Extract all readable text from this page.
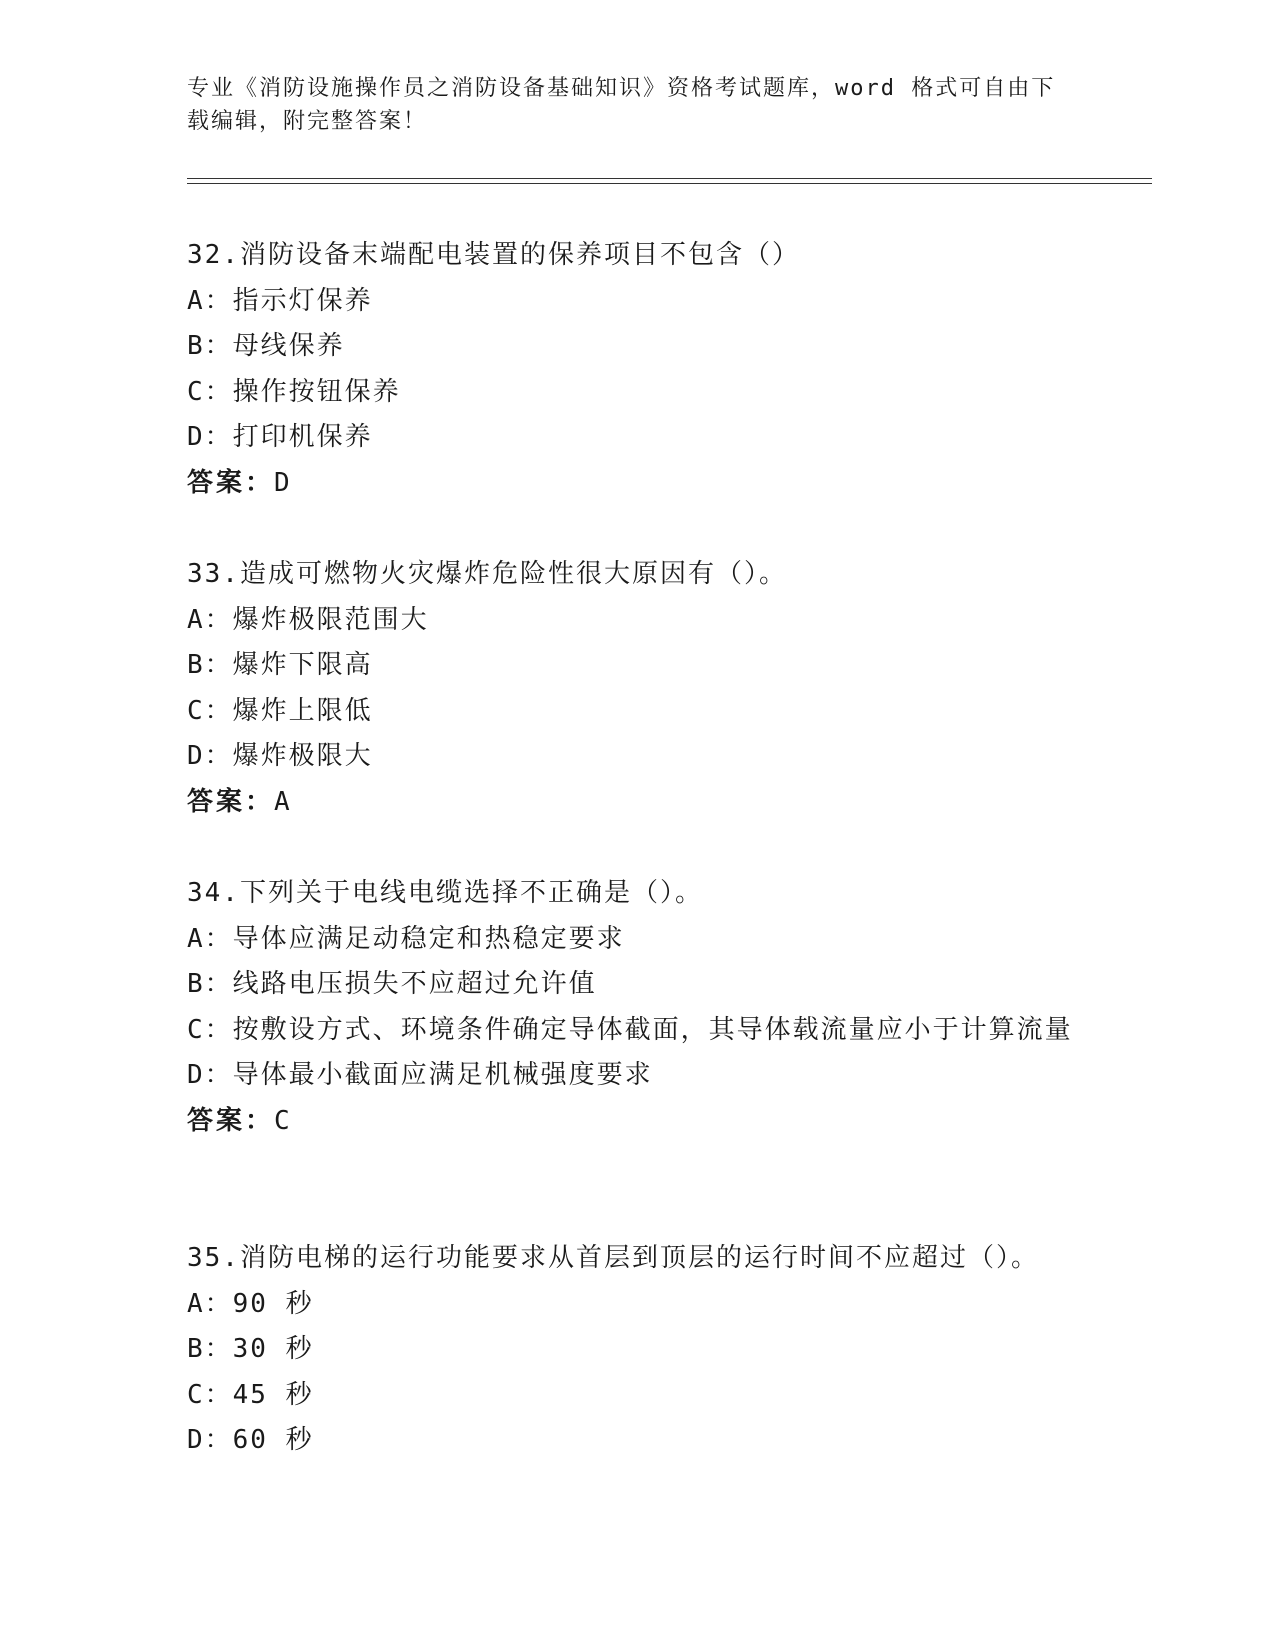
专业《消防设施操作员之消防设备基础知识》资格考试题库，word 格式可自由下载编辑，附完整答案！
32.消防设备末端配电装置的保养项目不包含（）
A：指示灯保养
B：母线保养
C：操作按钮保养
D：打印机保养
答案：D
33.造成可燃物火灾爆炸危险性很大原因有（）。
A：爆炸极限范围大
B：爆炸下限高
C：爆炸上限低
D：爆炸极限大
答案：A
34.下列关于电线电缆选择不正确是（）。
A：导体应满足动稳定和热稳定要求
B：线路电压损失不应超过允许值
C：按敷设方式、环境条件确定导体截面，其导体载流量应小于计算流量
D：导体最小截面应满足机械强度要求
答案：C
35.消防电梯的运行功能要求从首层到顶层的运行时间不应超过（）。
A：90 秒
B：30 秒
C：45 秒
D：60 秒
